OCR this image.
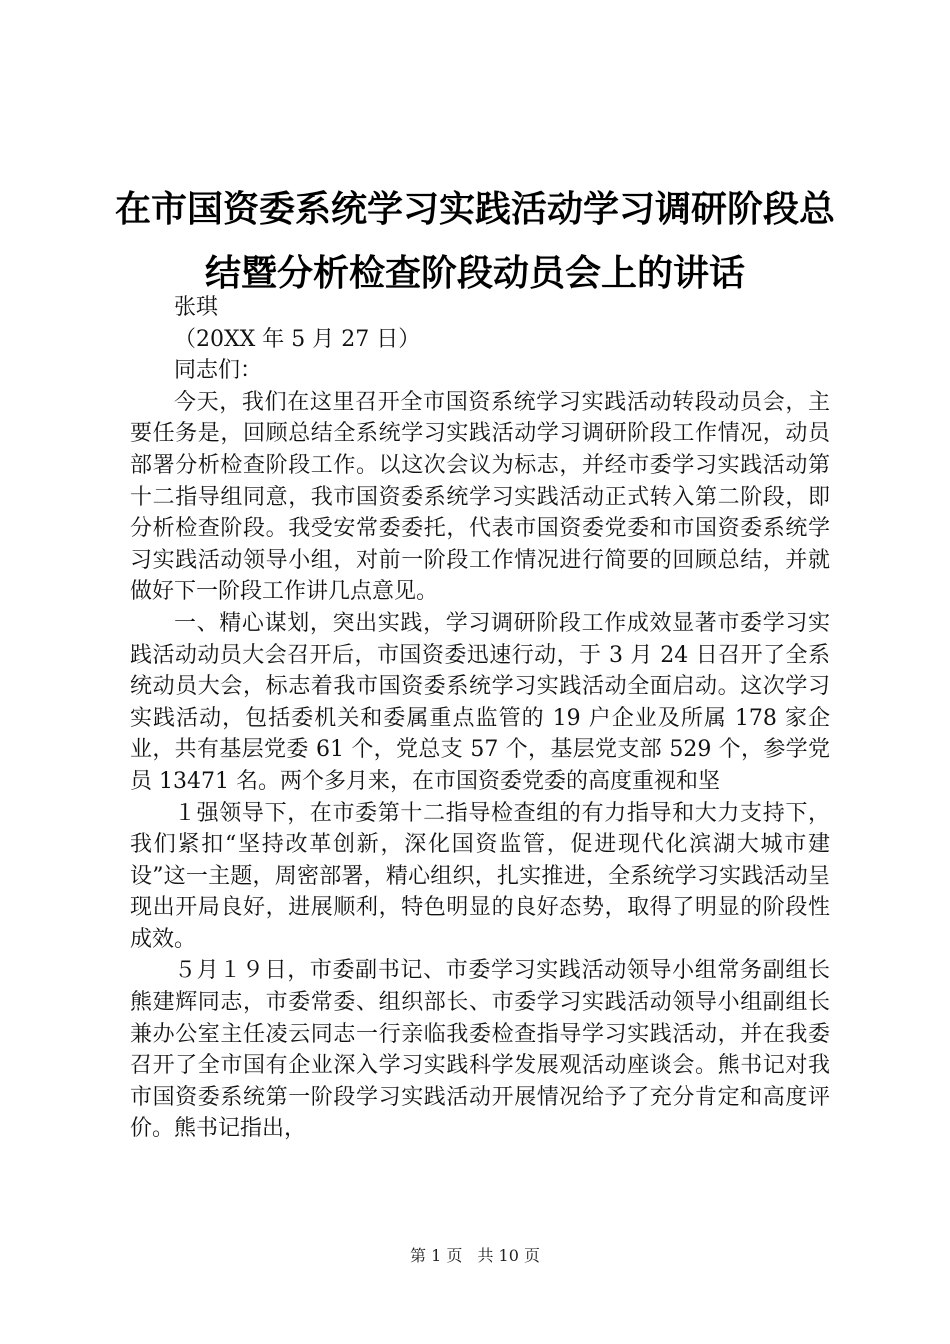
在市国资委系统学习实践活动学习调研阶段总
结暨分析检查阶段动员会上的讲话

张琪

（20XX 年 5 月 27 日）

同志们：

今天，我们在这里召开全市国资系统学习实践活动转段动员会，主要任务是，回顾总结全系统学习实践活动学习调研阶段工作情况，动员部署分析检查阶段工作。以这次会议为标志，并经市委学习实践活动第十二指导组同意，我市国资委系统学习实践活动正式转入第二阶段，即分析检查阶段。我受安常委委托，代表市国资委党委和市国资委系统学习实践活动领导小组，对前一阶段工作情况进行简要的回顾总结，并就做好下一阶段工作讲几点意见。

一、精心谋划，突出实践，学习调研阶段工作成效显著市委学习实践活动动员大会召开后，市国资委迅速行动，于 3 月 24 日召开了全系统动员大会，标志着我市国资委系统学习实践活动全面启动。这次学习实践活动，包括委机关和委属重点监管的 19 户企业及所属 178 家企业，共有基层党委 61 个，党总支 57 个，基层党支部 529 个，参学党员 13471 名。两个多月来，在市国资委党委的高度重视和坚

１强领导下，在市委第十二指导检查组的有力指导和大力支持下，我们紧扣“坚持改革创新，深化国资监管，促进现代化滨湖大城市建设”这一主题，周密部署，精心组织，扎实推进，全系统学习实践活动呈现出开局良好，进展顺利，特色明显的良好态势，取得了明显的阶段性成效。

５月１９日，市委副书记、市委学习实践活动领导小组常务副组长熊建辉同志，市委常委、组织部长、市委学习实践活动领导小组副组长兼办公室主任凌云同志一行亲临我委检查指导学习实践活动，并在我委召开了全市国有企业深入学习实践科学发展观活动座谈会。熊书记对我市国资委系统第一阶段学习实践活动开展情况给予了充分肯定和高度评价。熊书记指出，

第 1 页 共 10 页
